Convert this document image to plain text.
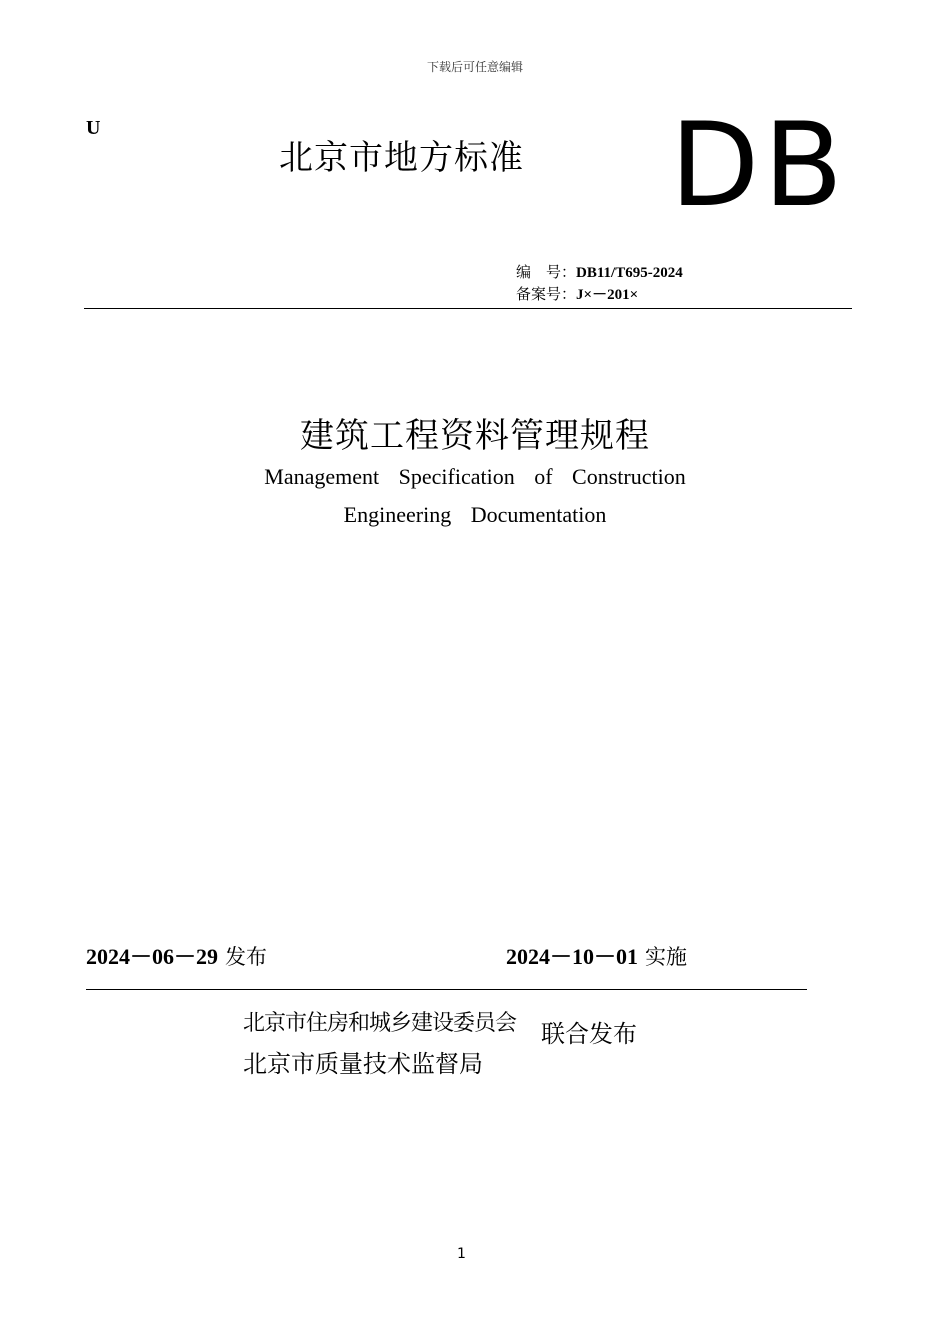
下载后可任意编辑
U
北京市地方标准 DB
编　号：DB11/T695-2024
备案号：J×－201×
建筑工程资料管理规程
Management Specification of Construction
Engineering Documentation
2024－06－29 发布	2024－10－01 实施
北京市住房和城乡建设委员会
北京市质量技术监督局
联合发布
1
